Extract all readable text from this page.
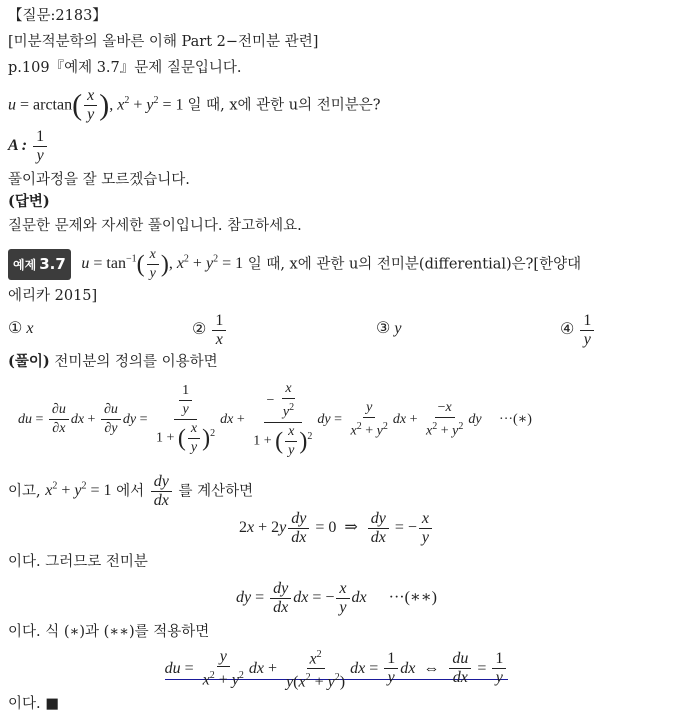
【질문:2183】
[미분적분학의 올바른 이해 Part 2−전미분 관련]
p.109『예제 3.7』문제 질문입니다.
$u = \arctan( \frac{x}{y}$ ), $x^2 + y^2 = 1$ 일 때, x에 관한 u의 전미분은?
A : $\frac{1}{y}$
풀이과정을 잘 모르겠습니다.
(답변)
질문한 문제와 자세한 풀이입니다. 참고하세요.
예제 3.7 $u = \tan^{-1}( \frac{x}{y}$ ), $x^2 + y^2 = 1$ 일 때, x에 관한 u의 전미분(differential)은?[한양대
에리카 2015]
① x	② $\frac{1}{x}$	③ y	④ $\frac{1}{y}$
(풀이) 전미분의 정의를 이용하면
du = $\frac{\partial u}{\partial x}$ dx + $\frac{\partial u}{\partial y}$ dy = $\frac{\frac{1}{y}}{1 + ( \frac{x}{y} )^2}$ dx + $\frac{- \frac{x}{y^2}}{1 + ( \frac{x}{y} )^2}$ dy = $\frac{y}{x^2 + y^2}$ dx + $\frac{-x}{x^2 + y^2}$ dy ···(∗)
이고, $x^2 + y^2 = 1$ 에서 $\frac{dy}{dx}$ 를 계산하면
$2x + 2y \frac{dy}{dx} = 0$  ⇒ $\frac{dy}{dx}$ = − $\frac{x}{y}$
이다. 그러므로 전미분
dy = $\frac{dy}{dx}$ dx = − $\frac{x}{y}$ dx ···(∗∗)
이다. 식 (∗)과 (∗∗)를 적용하면
du = $\frac{y}{x^2 + y^2}$ dx + $\frac{x^2}{y(x^2 + y^2)}$ dx = $\frac{1}{y}$ dx  ⇔ $\frac{du}{dx} = \frac{1}{y}$
이다. ■
